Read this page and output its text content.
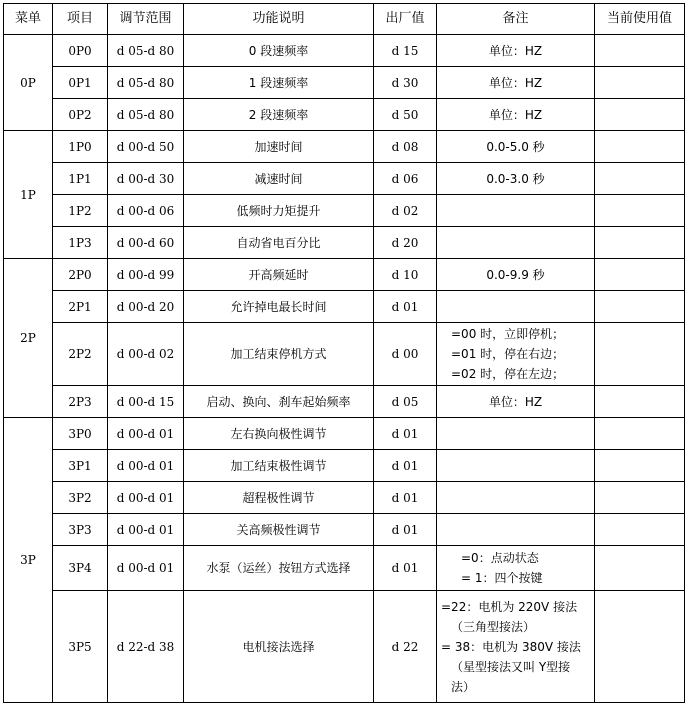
菜单	项目	调节范围	功能说明	出厂值	备注	当前使用值
0P	0P0	d 05-d 80	0 段速频率	d 15	单位：HZ	
	0P1	d 05-d 80	1 段速频率	d 30	单位：HZ	
	0P2	d 05-d 80	2 段速频率	d 50	单位：HZ	
1P	1P0	d 00-d 50	加速时间	d 08	0.0-5.0 秒	
	1P1	d 00-d 30	减速时间	d 06	0.0-3.0 秒	
	1P2	d 00-d 06	低频时力矩提升	d 02		
	1P3	d 00-d 60	自动省电百分比	d 20		
2P	2P0	d 00-d 99	开高频延时	d 10	0.0-9.9 秒	
	2P1	d 00-d 20	允许掉电最长时间	d 01		
	2P2	d 00-d 02	加工结束停机方式	d 00	=00 时，立即停机；
=01 时，停在右边；
=02 时，停在左边；	

	2P3	d 00-d 15	启动、换向、刹车起始频率	d 05	单位：HZ	
3P	3P0	d 00-d 01	左右换向极性调节	d 01		
	3P1	d 00-d 01	加工结束极性调节	d 01		
	3P2	d 00-d 01	超程极性调节	d 01		
	3P3	d 00-d 01	关高频极性调节	d 01		
	3P4	d 00-d 01	水泵（运丝）按钮方式选择	d 01	=0：点动状态
= 1：四个按键	

	3P5	d 22-d 38	电机接法选择	d 22	=22：电机为 220V 接法
（三角型接法）
= 38：电机为 380V 接法
（星型接法又叫 Y型接
法）	
